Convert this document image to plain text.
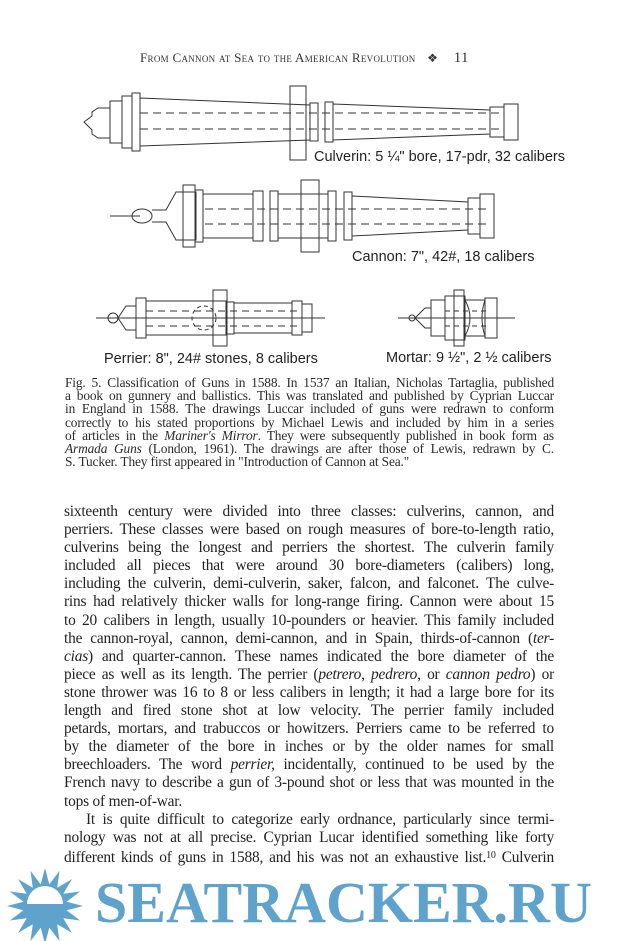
From Cannon at Sea to the American Revolution ❖ 11
Culverin: 5 ¼" bore, 17-pdr, 32 calibers
Cannon: 7", 42#, 18 calibers
Perrier: 8", 24# stones, 8 calibers	Mortar: 9 ½", 2 ½ calibers
Fig. 5. Classification of Guns in 1588. In 1537 an Italian, Nicholas Tartaglia, published
a book on gunnery and ballistics. This was translated and published by Cyprian Luccar
in England in 1588. The drawings Luccar included of guns were redrawn to conform
correctly to his stated proportions by Michael Lewis and included by him in a series
of articles in the Mariner's Mirror. They were subsequently published in book form as
Armada Guns (London, 1961). The drawings are after those of Lewis, redrawn by C.
S. Tucker. They first appeared in "Introduction of Cannon at Sea."
sixteenth century were divided into three classes: culverins, cannon, and
perriers. These classes were based on rough measures of bore-to-length ratio,
culverins being the longest and perriers the shortest. The culverin family
included all pieces that were around 30 bore-diameters (calibers) long,
including the culverin, demi-culverin, saker, falcon, and falconet. The culve-
rins had relatively thicker walls for long-range firing. Cannon were about 15
to 20 calibers in length, usually 10-pounders or heavier. This family included
the cannon-royal, cannon, demi-cannon, and in Spain, thirds-of-cannon (ter-
cias) and quarter-cannon. These names indicated the bore diameter of the
piece as well as its length. The perrier (petrero, pedrero, or cannon pedro) or
stone thrower was 16 to 8 or less calibers in length; it had a large bore for its
length and fired stone shot at low velocity. The perrier family included
petards, mortars, and trabuccos or howitzers. Perriers came to be referred to
by the diameter of the bore in inches or by the older names for small
breechloaders. The word perrier, incidentally, continued to be used by the
French navy to describe a gun of 3-pound shot or less that was mounted in the
tops of men-of-war.
It is quite difficult to categorize early ordnance, particularly since termi-
nology was not at all precise. Cyprian Lucar identified something like forty
different kinds of guns in 1588, and his was not an exhaustive list.$^{10}$ Culverin
SEATRACKER.RU
